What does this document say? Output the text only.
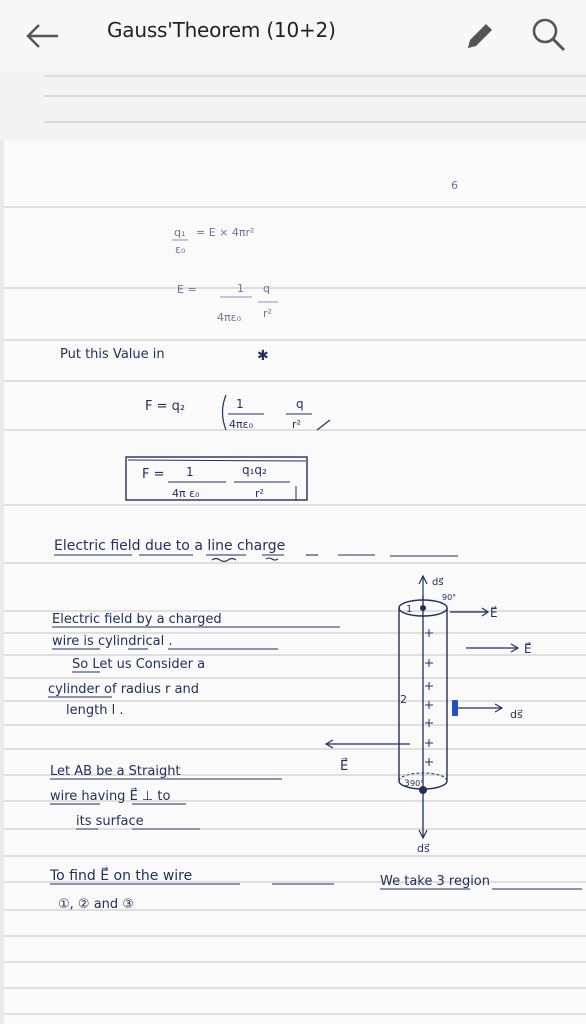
Gauss'Theorem (10+2)
6
q₁
ε₀
= E × 4πr²
E =	1
4πε₀
q
r²
Put this Value in	✱
F = q₂	1
4πε₀
q
r²
F = 1
4π ε₀
q₁q₂
r²
Electric field due to a line charge
Electric field by a charged
wire is cylindrical .
So Let us Consider a
cylinder of radius r and
length l .
Let AB be a Straight
wire having E⃗ ⊥ to
its surface
To find E⃗ on the wire	We take 3 region
①, ② and ③
ds⃗
90°
1
2
3 90°
ds⃗
E⃗
E⃗
ds⃗
E⃗
